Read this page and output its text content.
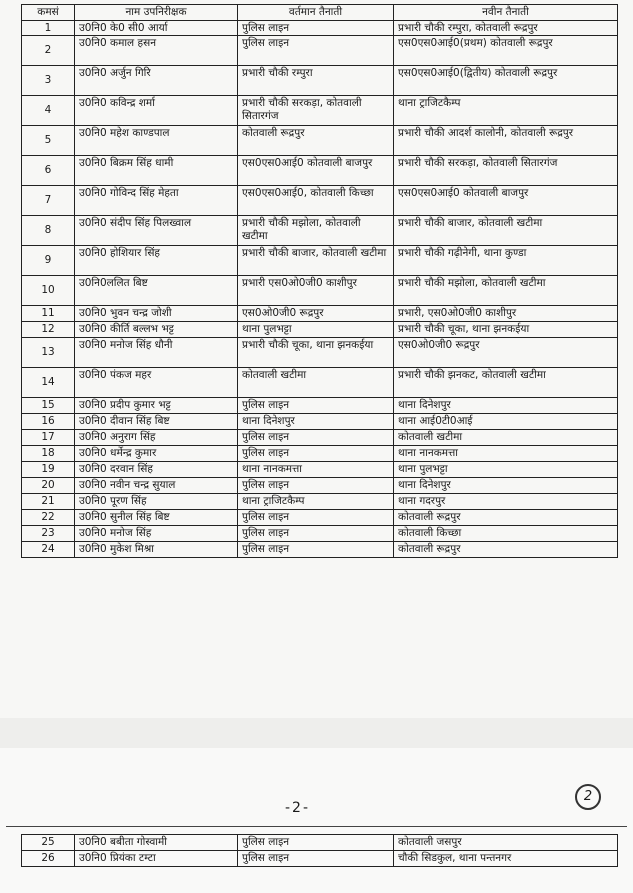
कमसं	नाम उपनिरीक्षक	वर्तमान तैनाती	नवीन तैनाती
1	उ0नि0 के0 सी0 आर्या	पुलिस लाइन	प्रभारी चौकी रम्पुरा, कोतवाली रूद्रपुर
2	उ0नि0 कमाल हसन	पुलिस लाइन	एस0एस0आई0(प्रथम) कोतवाली रूद्रपुर
3	उ0नि0 अर्जुन गिरि	प्रभारी चौकी रम्पुरा	एस0एस0आई0(द्वितीय) कोतवाली रूद्रपुर
4	उ0नि0 कविन्द्र शर्मा	प्रभारी चौकी सरकड़ा, कोतवाली सितारगंज	थाना ट्राजिटकैम्प
5	उ0नि0 महेश काण्डपाल	कोतवाली रूद्रपुर	प्रभारी चौकी आदर्श कालोनी, कोतवाली रूद्रपुर
6	उ0नि0 बिक्रम सिंह धामी	एस0एस0आई0 कोतवाली बाजपुर	प्रभारी चौकी सरकड़ा, कोतवाली सितारगंज
7	उ0नि0 गोविन्द सिंह मेहता	एस0एस0आई0, कोतवाली किच्छा	एस0एस0आई0 कोतवाली बाजपुर
8	उ0नि0 संदीप सिंह पिलख्वाल	प्रभारी चौकी मझोला, कोतवाली खटीमा	प्रभारी चौकी बाजार, कोतवाली खटीमा
9	उ0नि0 होशियार सिंह	प्रभारी चौकी बाजार, कोतवाली खटीमा	प्रभारी चौकी गढ़ीनेगी, थाना कुण्डा
10	उ0नि0ललित बिष्ट	प्रभारी एस0ओ0जी0 काशीपुर	प्रभारी चौकी मझोला, कोतवाली खटीमा
11	उ0नि0 भुवन चन्द्र जोशी	एस0ओ0जी0 रूद्रपुर	प्रभारी, एस0ओ0जी0 काशीपुर
12	उ0नि0 कीर्ति बल्लभ भट्ट	थाना पुलभट्टा	प्रभारी चौकी चूका, थाना झनकईया
13	उ0नि0 मनोज सिंह धौनी	प्रभारी चौकी चूका, थाना झनकईया	एस0ओ0जी0 रूद्रपुर
14	उ0नि0 पंकज महर	कोतवाली खटीमा	प्रभारी चौकी झनकट, कोतवाली खटीमा
15	उ0नि0 प्रदीप कुमार भट्ट	पुलिस लाइन	थाना दिनेशपुर
16	उ0नि0 दीवान सिंह बिष्ट	थाना दिनेशपुर	थाना आई0टी0आई
17	उ0नि0 अनुराग सिंह	पुलिस लाइन	कोतवाली खटीमा
18	उ0नि0 धर्मेन्द्र कुमार	पुलिस लाइन	थाना नानकमत्ता
19	उ0नि0 दरवान सिंह	थाना नानकमत्ता	थाना पुलभट्टा
20	उ0नि0 नवीन चन्द्र सुयाल	पुलिस लाइन	थाना दिनेशपुर
21	उ0नि0 पूरण सिंह	थाना ट्राजिटकैम्प	थाना गदरपुर
22	उ0नि0 सुनील सिंह बिष्ट	पुलिस लाइन	कोतवाली रूद्रपुर
23	उ0नि0 मनोज सिंह	पुलिस लाइन	कोतवाली किच्छा
24	उ0नि0 मुकेश मिश्रा	पुलिस लाइन	कोतवाली रूद्रपुर
-2-
2
25	उ0नि0 बबीता गोस्वामी	पुलिस लाइन	कोतवाली जसपुर
26	उ0नि0 प्रियंका टम्टा	पुलिस लाइन	चौकी सिडकुल, थाना पन्तनगर
